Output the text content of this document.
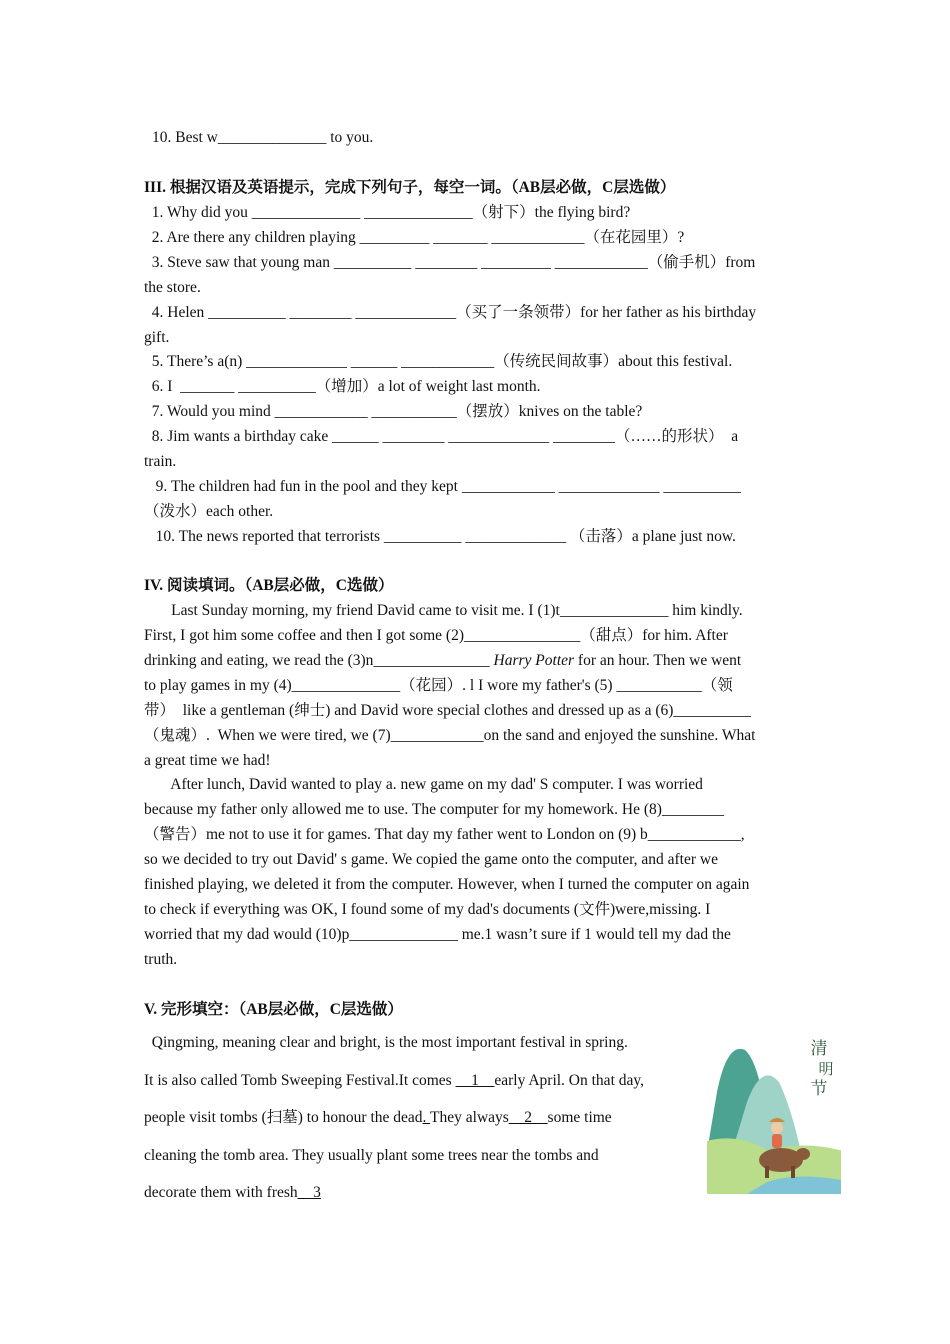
10. Best w______________ to you.
III. 根据汉语及英语提示，完成下列句子，每空一词。（AB层必做，C层选做）
1. Why did you ______________ ______________（射下）the flying bird?
2. Are there any children playing _________ _______ ____________（在花园里）?
3. Steve saw that young man __________ ________ _________ ____________（偷手机）from
the store.
4. Helen __________ ________ _____________（买了一条领带）for her father as his birthday
gift.
5. There’s a(n) _____________ ______ ____________（传统民间故事）about this festival.
6. I  _______ __________（增加）a lot of weight last month.
7. Would you mind ____________ ___________（摆放）knives on the table?
8. Jim wants a birthday cake ______ ________ _____________ ________（……的形状）  a
train.
9. The children had fun in the pool and they kept ____________ _____________ __________
（泼水）each other.
10. The news reported that terrorists __________ _____________ （击落）a plane just now.
IV. 阅读填词。（AB层必做，C选做）
Last Sunday morning, my friend David came to visit me. I (1)t______________ him kindly.
First, I got him some coffee and then I got some (2)_______________（甜点）for him. After
drinking and eating, we read the (3)n_______________ Harry Potter for an hour. Then we went
to play games in my (4)______________（花园）. l I wore my father's (5) ___________（领
带）  like a gentleman (绅士) and David wore special clothes and dressed up as a (6)__________
（鬼魂）.  When we were tired, we (7)____________on the sand and enjoyed the sunshine. What
a great time we had!
After lunch, David wanted to play a. new game on my dad' S computer. I was worried
because my father only allowed me to use. The computer for my homework. He (8)________
（警告）me not to use it for games. That day my father went to London on (9) b____________,
so we decided to try out David' s game. We copied the game onto the computer, and after we
finished playing, we deleted it from the computer. However, when I turned the computer on again
to check if everything was OK, I found some of my dad's documents (文件)were,missing. I
worried that my dad would (10)p______________ me.1 wasn’t sure if 1 would tell my dad the
truth.
V. 完形填空：（AB层必做，C层选做）
Qingming, meaning clear and bright, is the most important festival in spring.
It is also called Tomb Sweeping Festival.It comes __1__early April. On that day,
people visit tombs (扫墓) to honour the dead. They always__2__some time
cleaning the tomb area. They usually plant some trees near the tombs and
decorate them with fresh__3
清
明
节
